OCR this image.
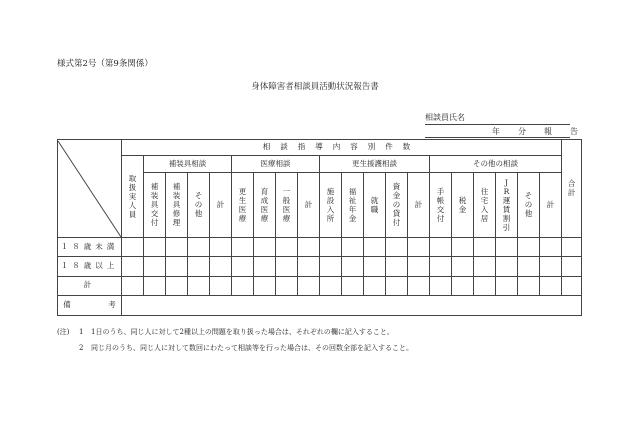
様式第2号（第9条関係）
身体障害者相談員活動状況報告書
相談員氏名
年　分　報　告
	相談指導内容別件数																				合計
	取扱実人員	補装具相談				医療相談				更生援護相談					その他の相談						
		補装具交付	補装具修理	その他	計	更生医療	育成医療	一般医療	計	施設入所	福祉年金	就職	資金の貸付	計	手帳交付	税金	住宅入居	JR運賃割引	その他	計	
１８歳未満																					
１８歳以上																					
計																					
備　　　　　考																					
(注) 1 1日のうち、同じ人に対して2種以上の問題を取り扱った場合は、それぞれの欄に記入すること。
2 同じ月のうち、同じ人に対して数回にわたって相談等を行った場合は、その回数全部を記入すること。
